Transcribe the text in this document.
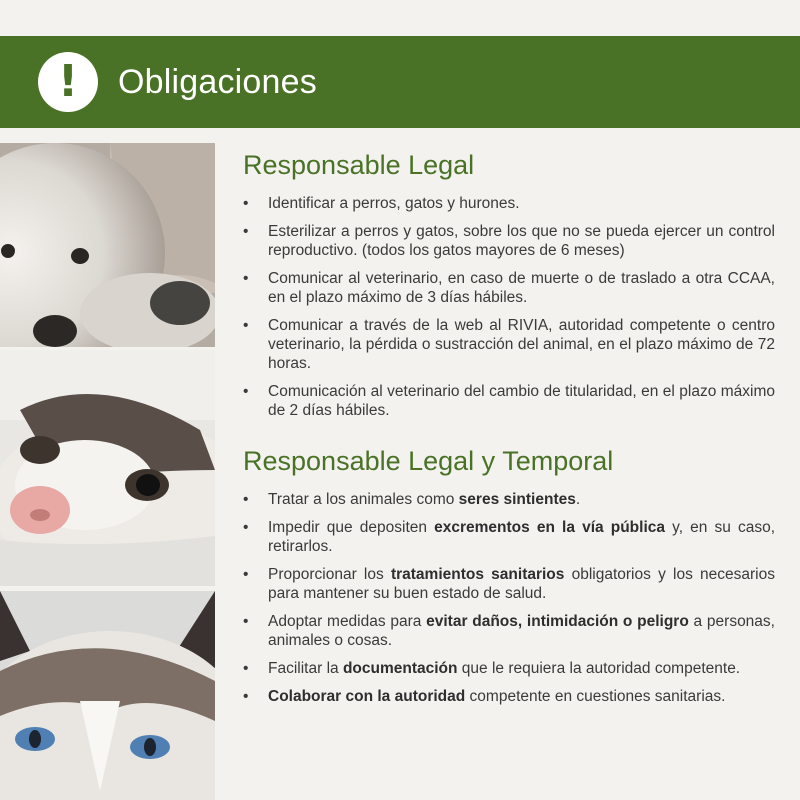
!	Obligaciones
Responsable Legal
• Identificar a perros, gatos y hurones.
• Esterilizar a perros y gatos, sobre los que no se pueda ejercer un control reproductivo. (todos los gatos mayores de 6 meses)
• Comunicar al veterinario, en caso de muerte o de traslado a otra CCAA, en el plazo máximo de 3 días hábiles.
• Comunicar a través de la web al RIVIA, autoridad competente o centro veterinario, la pérdida o sustracción del animal, en el plazo máximo de 72 horas.
• Comunicación al veterinario del cambio de titularidad, en el plazo máximo de 2 días hábiles.
Responsable Legal y Temporal
• Tratar a los animales como seres sintientes.
• Impedir que depositen excrementos en la vía pública y, en su caso, retirarlos.
• Proporcionar los tratamientos sanitarios obligatorios y los necesarios para mantener su buen estado de salud.
• Adoptar medidas para evitar daños, intimidación o peligro a personas, animales o cosas.
• Facilitar la documentación que le requiera la autoridad competente.
• Colaborar con la autoridad competente en cuestiones sanitarias.
